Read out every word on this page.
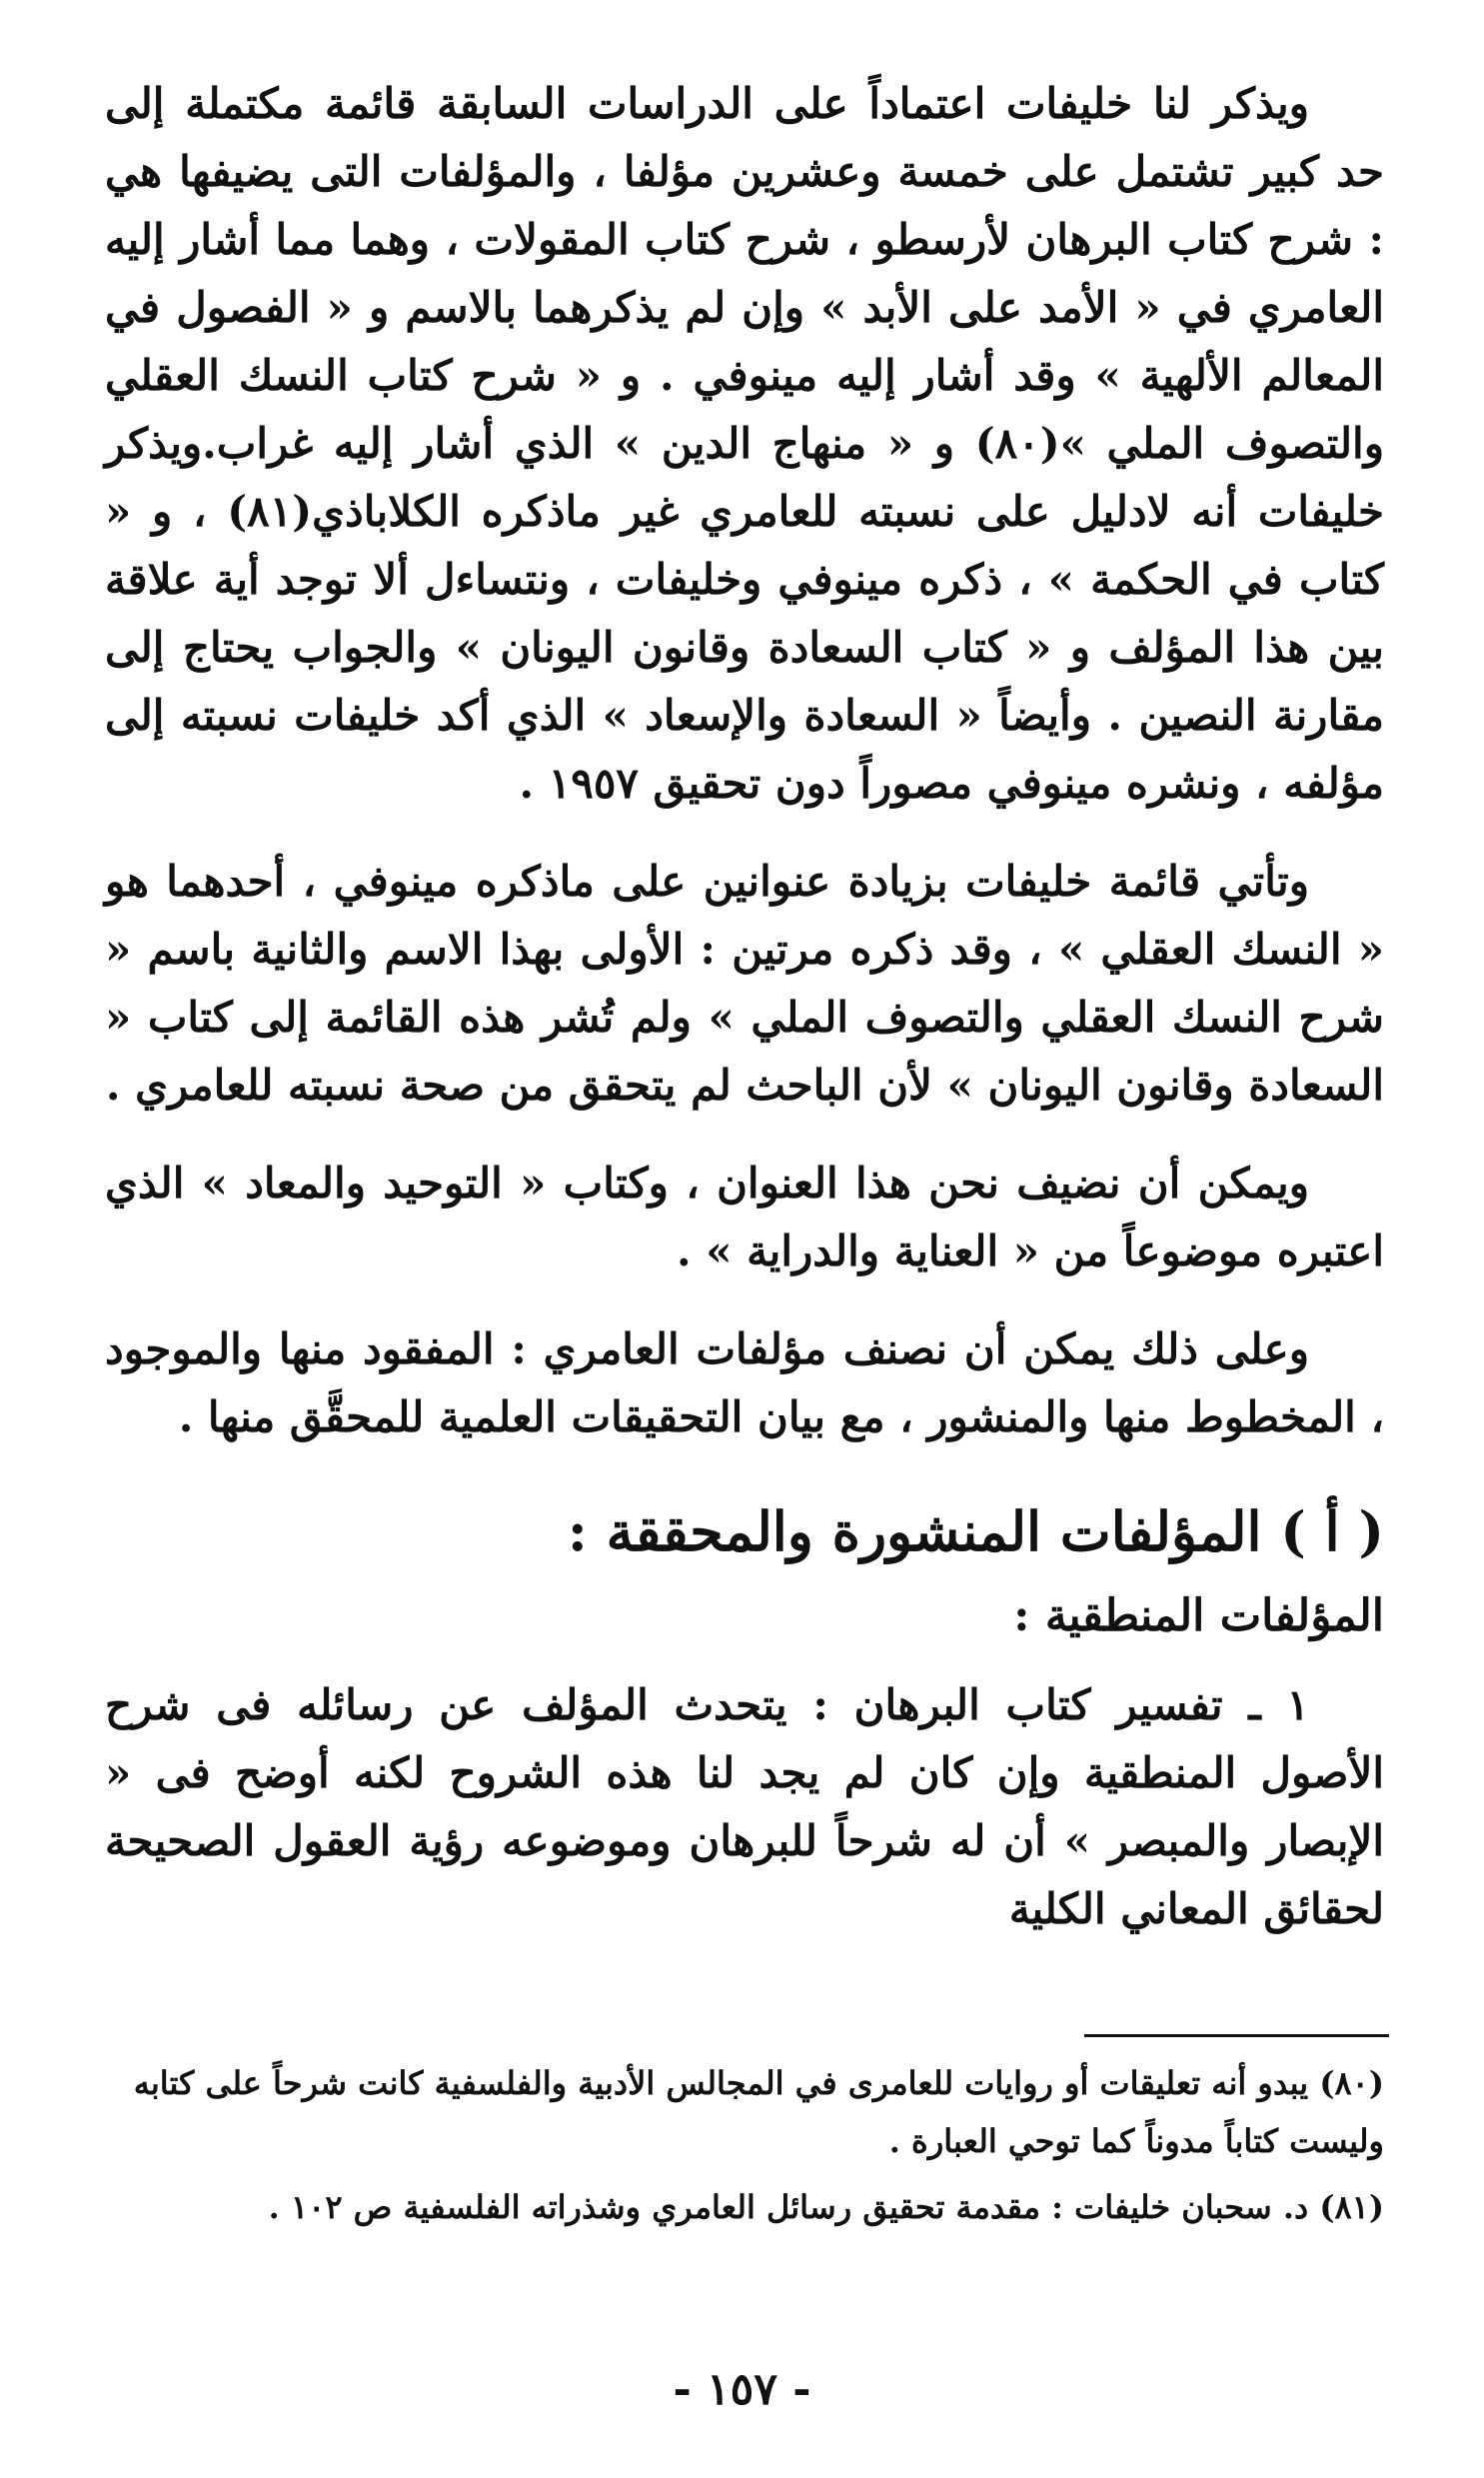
ويذكر لنا خليفات اعتماداً على الدراسات السابقة قائمة مكتملة إلى حد كبير تشتمل على خمسة وعشرين مؤلفا ، والمؤلفات التى يضيفها هي : شرح كتاب البرهان لأرسطو ، شرح كتاب المقولات ، وهما مما أشار إليه العامري في « الأمد على الأبد » وإن لم يذكرهما بالاسم و « الفصول في المعالم الألهية » وقد أشار إليه مينوفي . و « شرح كتاب النسك العقلي والتصوف الملي »(٨٠) و « منهاج الدين » الذي أشار إليه غراب.ويذكر خليفات أنه لادليل على نسبته للعامري غير ماذكره الكلاباذي(٨١) ، و « كتاب في الحكمة » ، ذكره مينوفي وخليفات ، ونتساءل ألا توجد أية علاقة بين هذا المؤلف و « كتاب السعادة وقانون اليونان » والجواب يحتاج إلى مقارنة النصين . وأيضاً « السعادة والإسعاد » الذي أكد خليفات نسبته إلى مؤلفه ، ونشره مينوفي مصوراً دون تحقيق ١٩٥٧ .

وتأتي قائمة خليفات بزيادة عنوانين على ماذكره مينوفي ، أحدهما هو « النسك العقلي » ، وقد ذكره مرتين : الأولى بهذا الاسم والثانية باسم « شرح النسك العقلي والتصوف الملي » ولم تُشر هذه القائمة إلى كتاب « السعادة وقانون اليونان » لأن الباحث لم يتحقق من صحة نسبته للعامري .

ويمكن أن نضيف نحن هذا العنوان ، وكتاب « التوحيد والمعاد » الذي اعتبره موضوعاً من « العناية والدراية » .

وعلى ذلك يمكن أن نصنف مؤلفات العامري : المفقود منها والموجود ، المخطوط منها والمنشور ، مع بيان التحقيقات العلمية للمحقَّق منها .

( أ ) المؤلفات المنشورة والمحققة :
المؤلفات المنطقية :

١ ـ تفسير كتاب البرهان : يتحدث المؤلف عن رسائله فى شرح الأصول المنطقية وإن كان لم يجد لنا هذه الشروح لكنه أوضح فى « الإبصار والمبصر » أن له شرحاً للبرهان وموضوعه رؤية العقول الصحيحة لحقائق المعاني الكلية

(٨٠) يبدو أنه تعليقات أو روايات للعامرى في المجالس الأدبية والفلسفية كانت شرحاً على كتابه وليست كتاباً مدوناً كما توحي العبارة .

(٨١) د. سحبان خليفات : مقدمة تحقيق رسائل العامري وشذراته الفلسفية ص ١٠٢ .

- ١٥٧ -
